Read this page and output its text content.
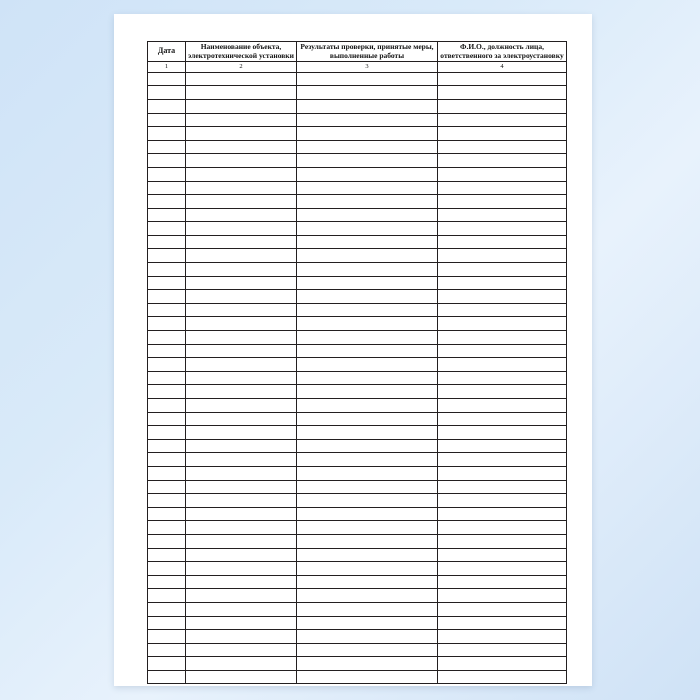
Дата	Наименование объекта, электротехнической установки	Результаты проверки, принятые меры, выполненные работы	Ф.И.О., должность лица, ответственного за электроустановку
1	2	3	4
